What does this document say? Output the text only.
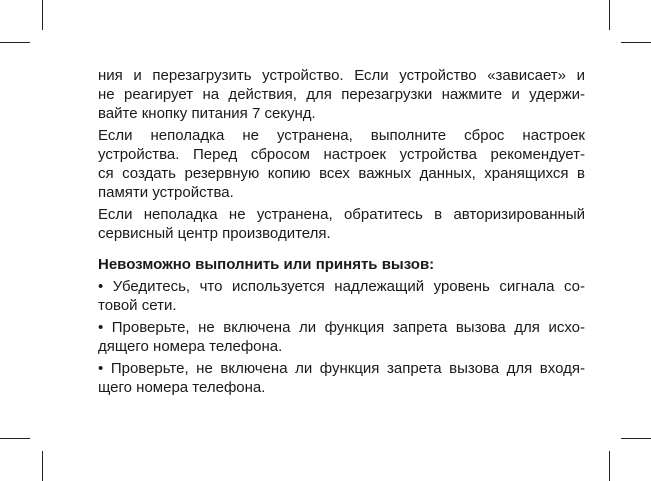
ния и перезагрузить устройство. Если устройство «зависает» и
не реагирует на действия, для перезагрузки нажмите и удержи-
вайте кнопку питания 7 секунд.
Если неполадка не устранена, выполните сброс настроек
устройства. Перед сбросом настроек устройства рекомендует-
ся создать резервную копию всех важных данных, хранящихся в
памяти устройства.
Если неполадка не устранена, обратитесь в авторизированный
сервисный центр производителя.
Невозможно выполнить или принять вызов:
• Убедитесь, что используется надлежащий уровень сигнала со-
товой сети.
• Проверьте, не включена ли функция запрета вызова для исхо-
дящего номера телефона.
• Проверьте, не включена ли функция запрета вызова для входя-
щего номера телефона.
